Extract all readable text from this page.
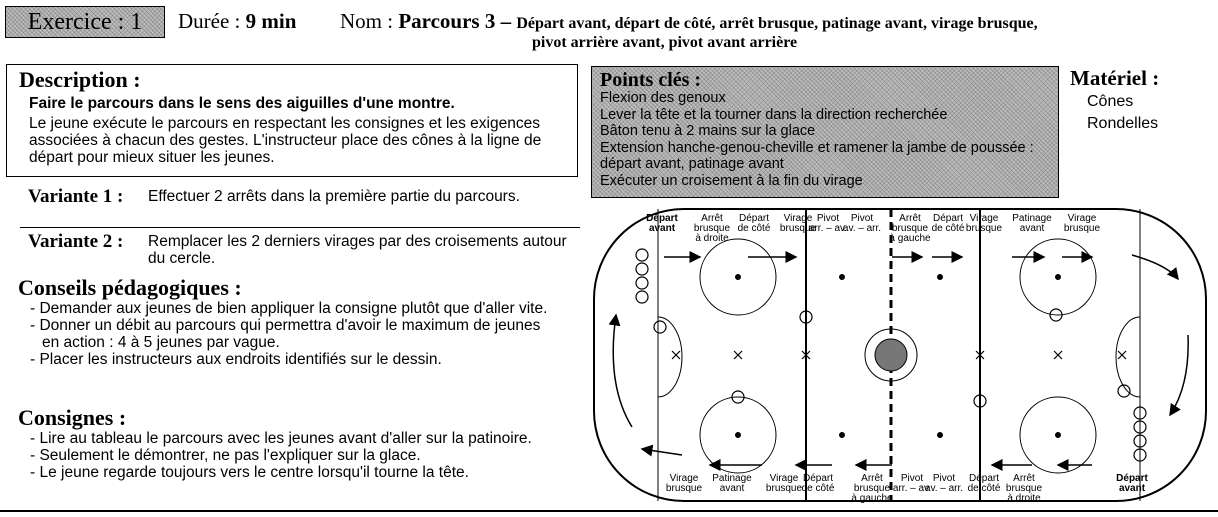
Exercice : 1	Durée : 9 min Nom : Parcours 3 – Départ avant, départ de côté, arrêt brusque, patinage avant, virage brusque,
pivot arrière avant, pivot avant arrière
Description :
Faire le parcours dans le sens des aiguilles d'une montre.
Le jeune exécute le parcours en respectant les consignes et les exigences associées à chacun des gestes. L'instructeur place des cônes à la ligne de départ pour mieux situer les jeunes.
Variante 1 : Effectuer 2 arrêts dans la première partie du parcours.
Variante 2 : Remplacer les 2 derniers virages par des croisements autour du cercle.
Conseils pédagogiques :
- Demander aux jeunes de bien appliquer la consigne plutôt que d'aller vite.
- Donner un débit au parcours qui permettra d'avoir le maximum de jeunes en action : 4 à 5 jeunes par vague.
- Placer les instructeurs aux endroits identifiés sur le dessin.
Consignes :
- Lire au tableau le parcours avec les jeunes avant d'aller sur la patinoire.
- Seulement le démontrer, ne pas l'expliquer sur la glace.
- Le jeune regarde toujours vers le centre lorsqu'il tourne la tête.
Points clés :
Flexion des genoux
Lever la tête et la tourner dans la direction recherchée
Bâton tenu à 2 mains sur la glace
Extension hanche-genou-cheville et ramener la jambe de poussée : départ avant, patinage avant
Exécuter un croisement à la fin du virage
Matériel :
Cônes
Rondelles
Départ avant
Arrêt brusque à droite
Départ de côté
Virage brusque
Pivot arr. – av.
Pivot av. – arr.
Arrêt brusque à gauche
Départ de côté
Virage brusque
Patinage avant
Virage brusque
Virage brusque
Patinage avant
Virage brusque
Départ de côté
Arrêt brusque à gauche
Pivot arr. – av.
Pivot av. – arr.
Départ de côté
Arrêt brusque à droite
Départ avant
